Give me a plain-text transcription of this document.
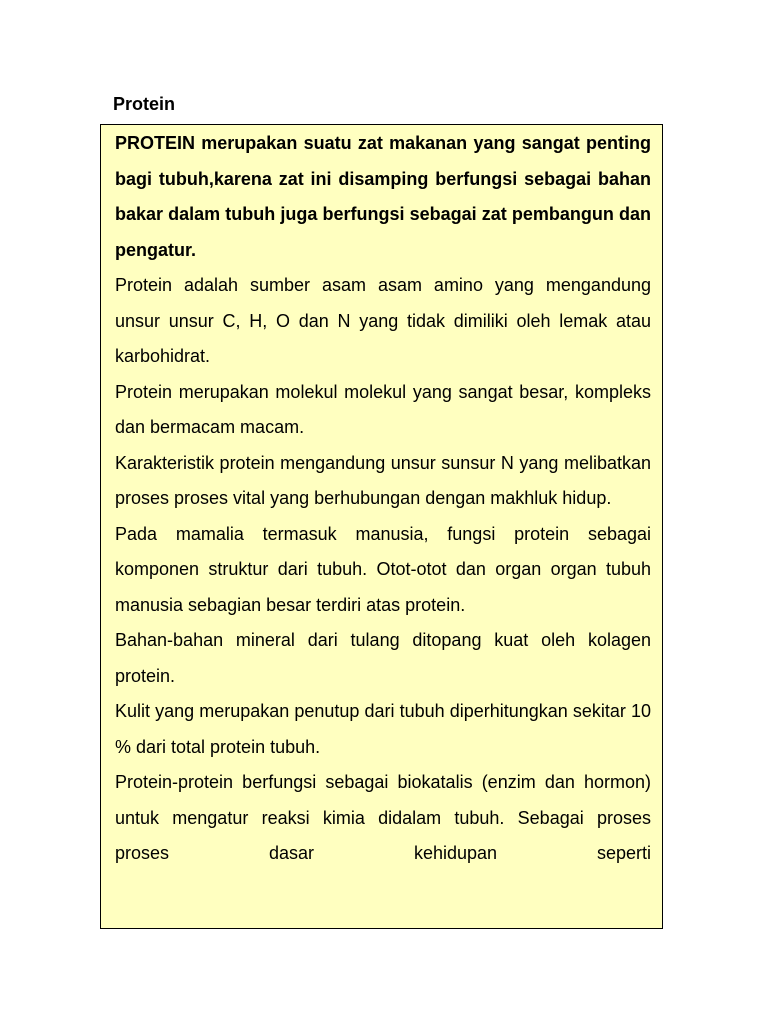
Protein

PROTEIN merupakan suatu zat makanan yang sangat penting bagi tubuh,karena zat ini disamping berfungsi sebagai bahan bakar dalam tubuh juga berfungsi sebagai zat pembangun dan pengatur.

Protein adalah sumber asam asam amino yang mengandung unsur unsur C, H, O dan N yang tidak dimiliki oleh lemak atau karbohidrat.

Protein merupakan molekul molekul yang sangat besar, kompleks dan bermacam macam.

Karakteristik protein mengandung unsur sunsur N yang melibatkan proses proses vital yang berhubungan dengan makhluk hidup.

Pada mamalia termasuk manusia, fungsi protein sebagai komponen struktur dari tubuh. Otot-otot dan organ organ tubuh manusia sebagian besar terdiri atas protein.

Bahan-bahan mineral dari tulang ditopang kuat oleh kolagen protein.

Kulit yang merupakan penutup dari tubuh diperhitungkan sekitar 10 % dari total protein tubuh.

Protein-protein berfungsi sebagai biokatalis (enzim dan hormon) untuk mengatur reaksi kimia didalam tubuh. Sebagai proses proses dasar kehidupan seperti
